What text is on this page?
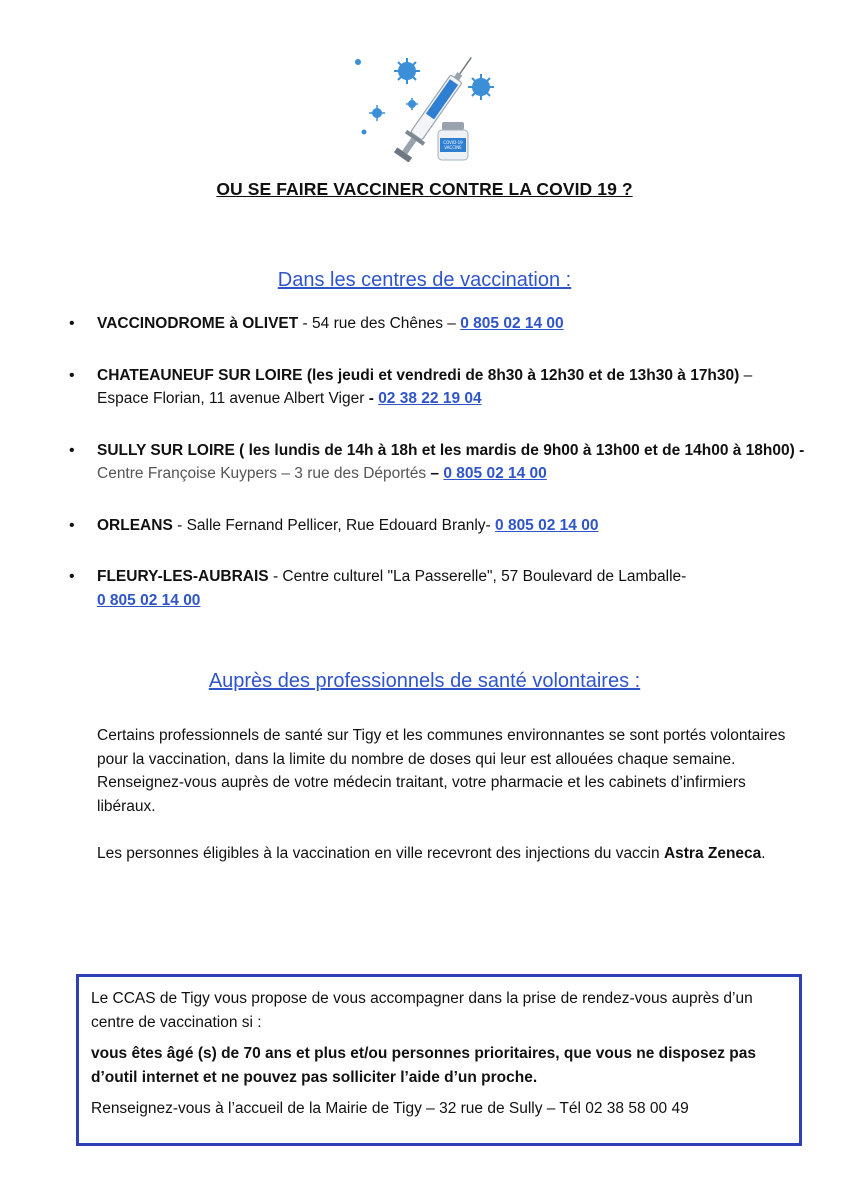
COVID-19
VACCINE
OU SE FAIRE VACCINER CONTRE LA COVID 19 ?
Dans les centres de vaccination :
• VACCINODROME à OLIVET - 54 rue des Chênes – 0 805 02 14 00
• CHATEAUNEUF SUR LOIRE (les jeudi et vendredi de 8h30 à 12h30 et de 13h30 à 17h30) – Espace Florian, 11 avenue Albert Viger - 02 38 22 19 04
• SULLY SUR LOIRE ( les lundis de 14h à 18h et les mardis de 9h00 à 13h00 et de 14h00 à 18h00) - Centre Françoise Kuypers – 3 rue des Déportés – 0 805 02 14 00
• ORLEANS - Salle Fernand Pellicer, Rue Edouard Branly- 0 805 02 14 00
• FLEURY-LES-AUBRAIS - Centre culturel "La Passerelle", 57 Boulevard de Lamballe-
0 805 02 14 00
Auprès des professionnels de santé volontaires :
Certains professionnels de santé sur Tigy et les communes environnantes se sont portés volontaires pour la vaccination, dans la limite du nombre de doses qui leur est allouées chaque semaine. Renseignez-vous auprès de votre médecin traitant, votre pharmacie et les cabinets d’infirmiers libéraux.
Les personnes éligibles à la vaccination en ville recevront des injections du vaccin Astra Zeneca.

Le CCAS de Tigy vous propose de vous accompagner dans la prise de rendez-vous auprès d’un centre de vaccination si :

vous êtes âgé (s) de 70 ans et plus et/ou personnes prioritaires, que vous ne disposez pas d’outil internet et ne pouvez pas solliciter l’aide d’un proche.

Renseignez-vous à l’accueil de la Mairie de Tigy – 32 rue de Sully – Tél 02 38 58 00 49
